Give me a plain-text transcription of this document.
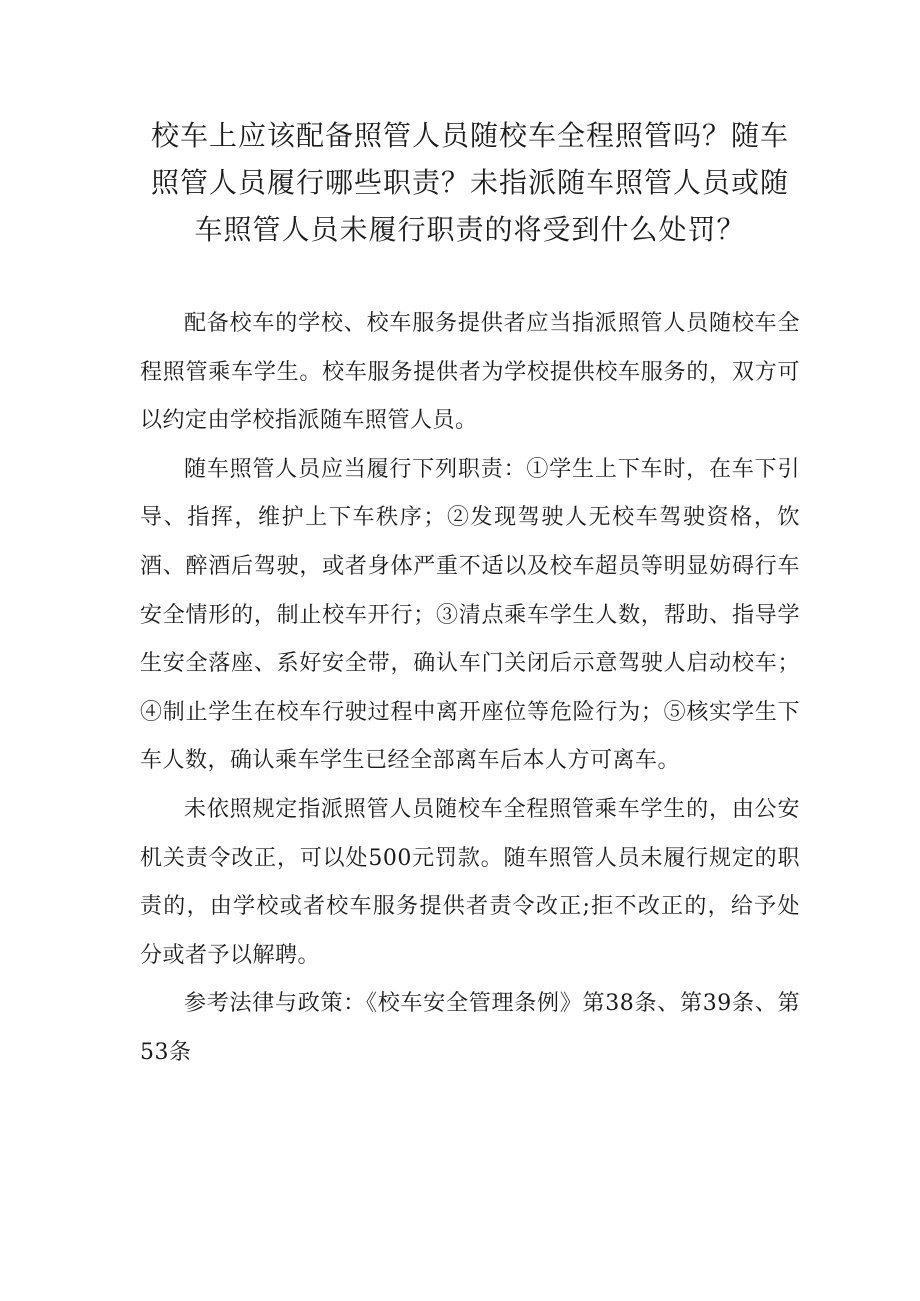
校车上应该配备照管人员随校车全程照管吗？随车照管人员履行哪些职责？未指派随车照管人员或随车照管人员未履行职责的将受到什么处罚？

配备校车的学校、校车服务提供者应当指派照管人员随校车全程照管乘车学生。校车服务提供者为学校提供校车服务的，双方可以约定由学校指派随车照管人员。

随车照管人员应当履行下列职责：①学生上下车时，在车下引导、指挥，维护上下车秩序；②发现驾驶人无校车驾驶资格，饮酒、醉酒后驾驶，或者身体严重不适以及校车超员等明显妨碍行车安全情形的，制止校车开行；③清点乘车学生人数，帮助、指导学生安全落座、系好安全带，确认车门关闭后示意驾驶人启动校车；④制止学生在校车行驶过程中离开座位等危险行为；⑤核实学生下车人数，确认乘车学生已经全部离车后本人方可离车。

未依照规定指派照管人员随校车全程照管乘车学生的，由公安机关责令改正，可以处500元罚款。随车照管人员未履行规定的职责的，由学校或者校车服务提供者责令改正;拒不改正的，给予处分或者予以解聘。

参考法律与政策：《校车安全管理条例》第38条、第39条、第53条
